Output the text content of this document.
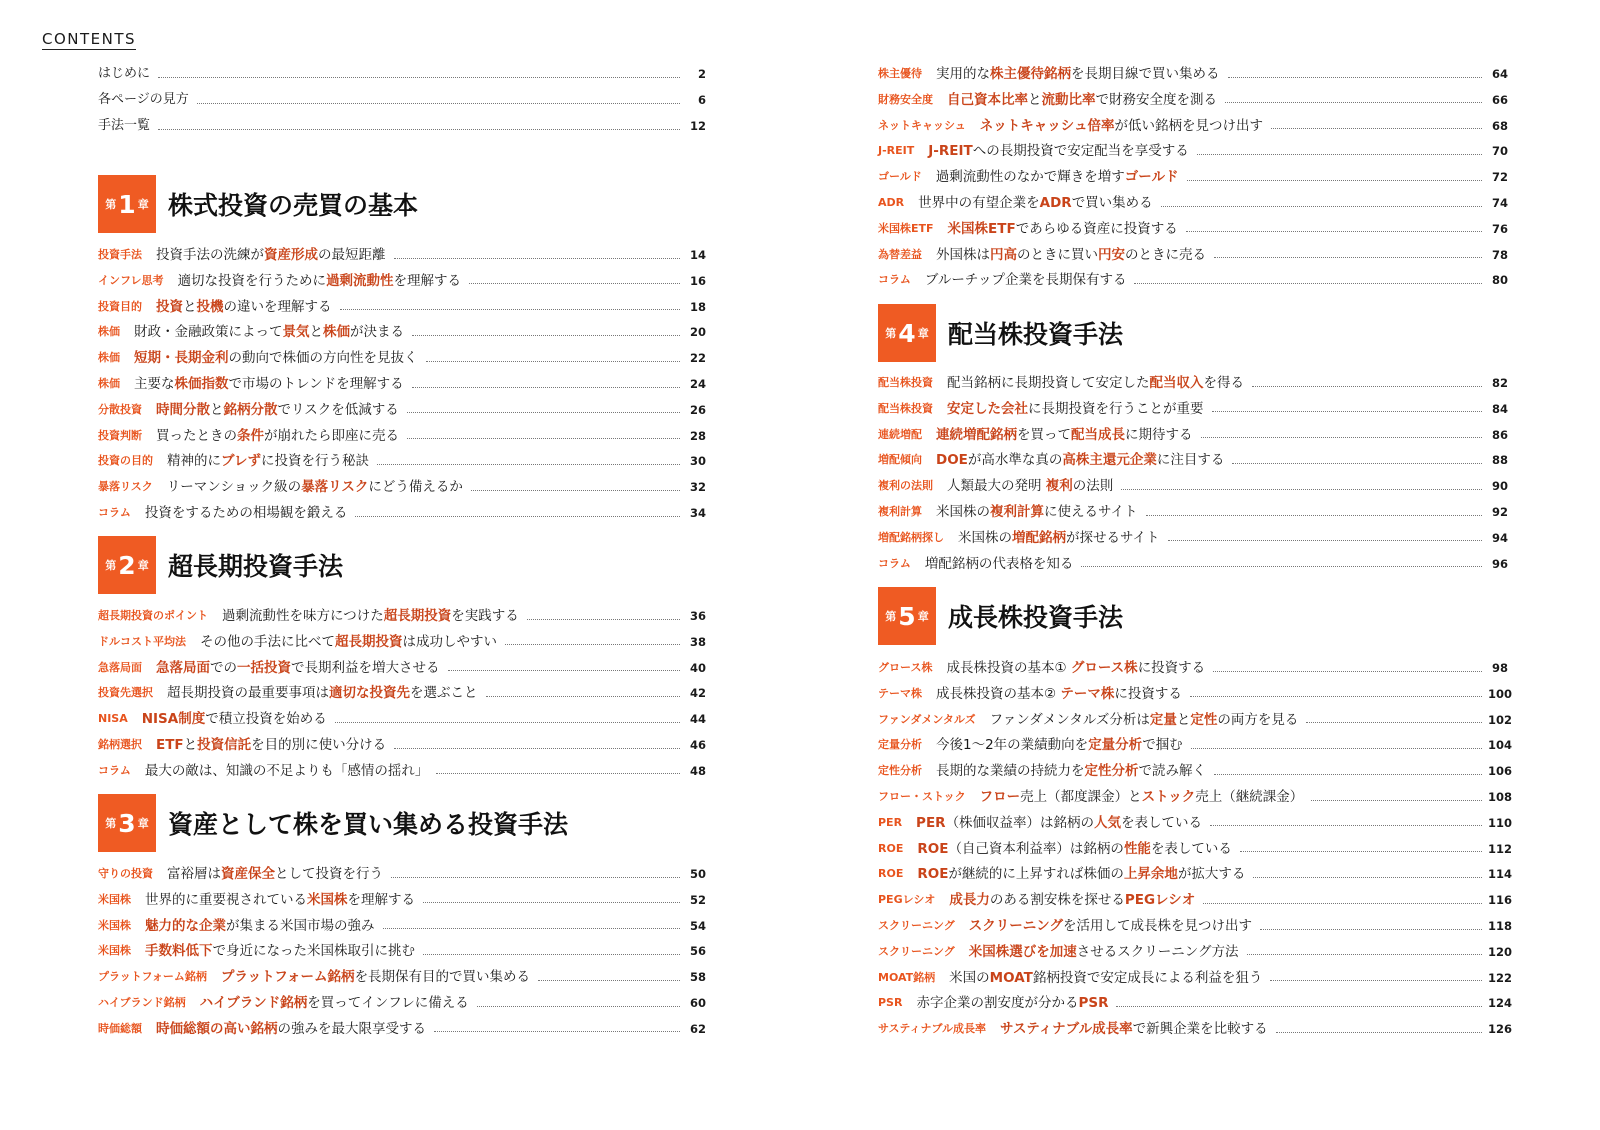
CONTENTS
はじめに	2
各ページの見方	6
手法一覧	12
第 1 章 株式投資の売買の基本
投資手法 投資手法の洗練が資産形成の最短距離	14
インフレ思考 適切な投資を行うために過剰流動性を理解する	16
投資目的 投資と投機の違いを理解する	18
株価 財政・金融政策によって景気と株価が決まる	20
株価 短期・長期金利の動向で株価の方向性を見抜く	22
株価 主要な株価指数で市場のトレンドを理解する	24
分散投資 時間分散と銘柄分散でリスクを低減する	26
投資判断 買ったときの条件が崩れたら即座に売る	28
投資の目的 精神的にブレずに投資を行う秘訣	30
暴落リスク リーマンショック級の暴落リスクにどう備えるか	32
コラム 投資をするための相場観を鍛える	34
第 2 章 超長期投資手法
超長期投資のポイント 過剰流動性を味方につけた超長期投資を実践する	36
ドルコスト平均法 その他の手法に比べて超長期投資は成功しやすい	38
急落局面 急落局面での一括投資で長期利益を増大させる	40
投資先選択 超長期投資の最重要事項は適切な投資先を選ぶこと	42
NISA NISA制度で積立投資を始める	44
銘柄選択 ETFと投資信託を目的別に使い分ける	46
コラム 最大の敵は、知識の不足よりも「感情の揺れ」	48
第 3 章 資産として株を買い集める投資手法
守りの投資 富裕層は資産保全として投資を行う	50
米国株 世界的に重要視されている米国株を理解する	52
米国株 魅力的な企業が集まる米国市場の強み	54
米国株 手数料低下で身近になった米国株取引に挑む	56
プラットフォーム銘柄 プラットフォーム銘柄を長期保有目的で買い集める	58
ハイブランド銘柄 ハイブランド銘柄を買ってインフレに備える	60
時価総額 時価総額の高い銘柄の強みを最大限享受する	62
株主優待 実用的な株主優待銘柄を長期目線で買い集める	64
財務安全度 自己資本比率と流動比率で財務安全度を測る	66
ネットキャッシュ ネットキャッシュ倍率が低い銘柄を見つけ出す	68
J-REIT J-REITへの長期投資で安定配当を享受する	70
ゴールド 過剰流動性のなかで輝きを増すゴールド	72
ADR 世界中の有望企業をADRで買い集める	74
米国株ETF 米国株ETFであらゆる資産に投資する	76
為替差益 外国株は円高のときに買い円安のときに売る	78
コラム ブルーチップ企業を長期保有する	80
第 4 章 配当株投資手法
配当株投資 配当銘柄に長期投資して安定した配当収入を得る	82
配当株投資 安定した会社に長期投資を行うことが重要	84
連続増配 連続増配銘柄を買って配当成長に期待する	86
増配傾向 DOEが高水準な真の高株主還元企業に注目する	88
複利の法則 人類最大の発明 複利の法則	90
複利計算 米国株の複利計算に使えるサイト	92
増配銘柄探し 米国株の増配銘柄が探せるサイト	94
コラム 増配銘柄の代表格を知る	96
第 5 章 成長株投資手法
グロース株 成長株投資の基本① グロース株に投資する	98
テーマ株 成長株投資の基本② テーマ株に投資する	100
ファンダメンタルズ ファンダメンタルズ分析は定量と定性の両方を見る	102
定量分析 今後1～2年の業績動向を定量分析で掴む	104
定性分析 長期的な業績の持続力を定性分析で読み解く	106
フロー・ストック フロー売上（都度課金）とストック売上（継続課金）	108
PER PER（株価収益率）は銘柄の人気を表している	110
ROE ROE（自己資本利益率）は銘柄の性能を表している	112
ROE ROEが継続的に上昇すれば株価の上昇余地が拡大する	114
PEGレシオ 成長力のある割安株を探せるPEGレシオ	116
スクリーニング スクリーニングを活用して成長株を見つけ出す	118
スクリーニング 米国株選びを加速させるスクリーニング方法	120
MOAT銘柄 米国のMOAT銘柄投資で安定成長による利益を狙う	122
PSR 赤字企業の割安度が分かるPSR	124
サスティナブル成長率 サスティナブル成長率で新興企業を比較する	126
